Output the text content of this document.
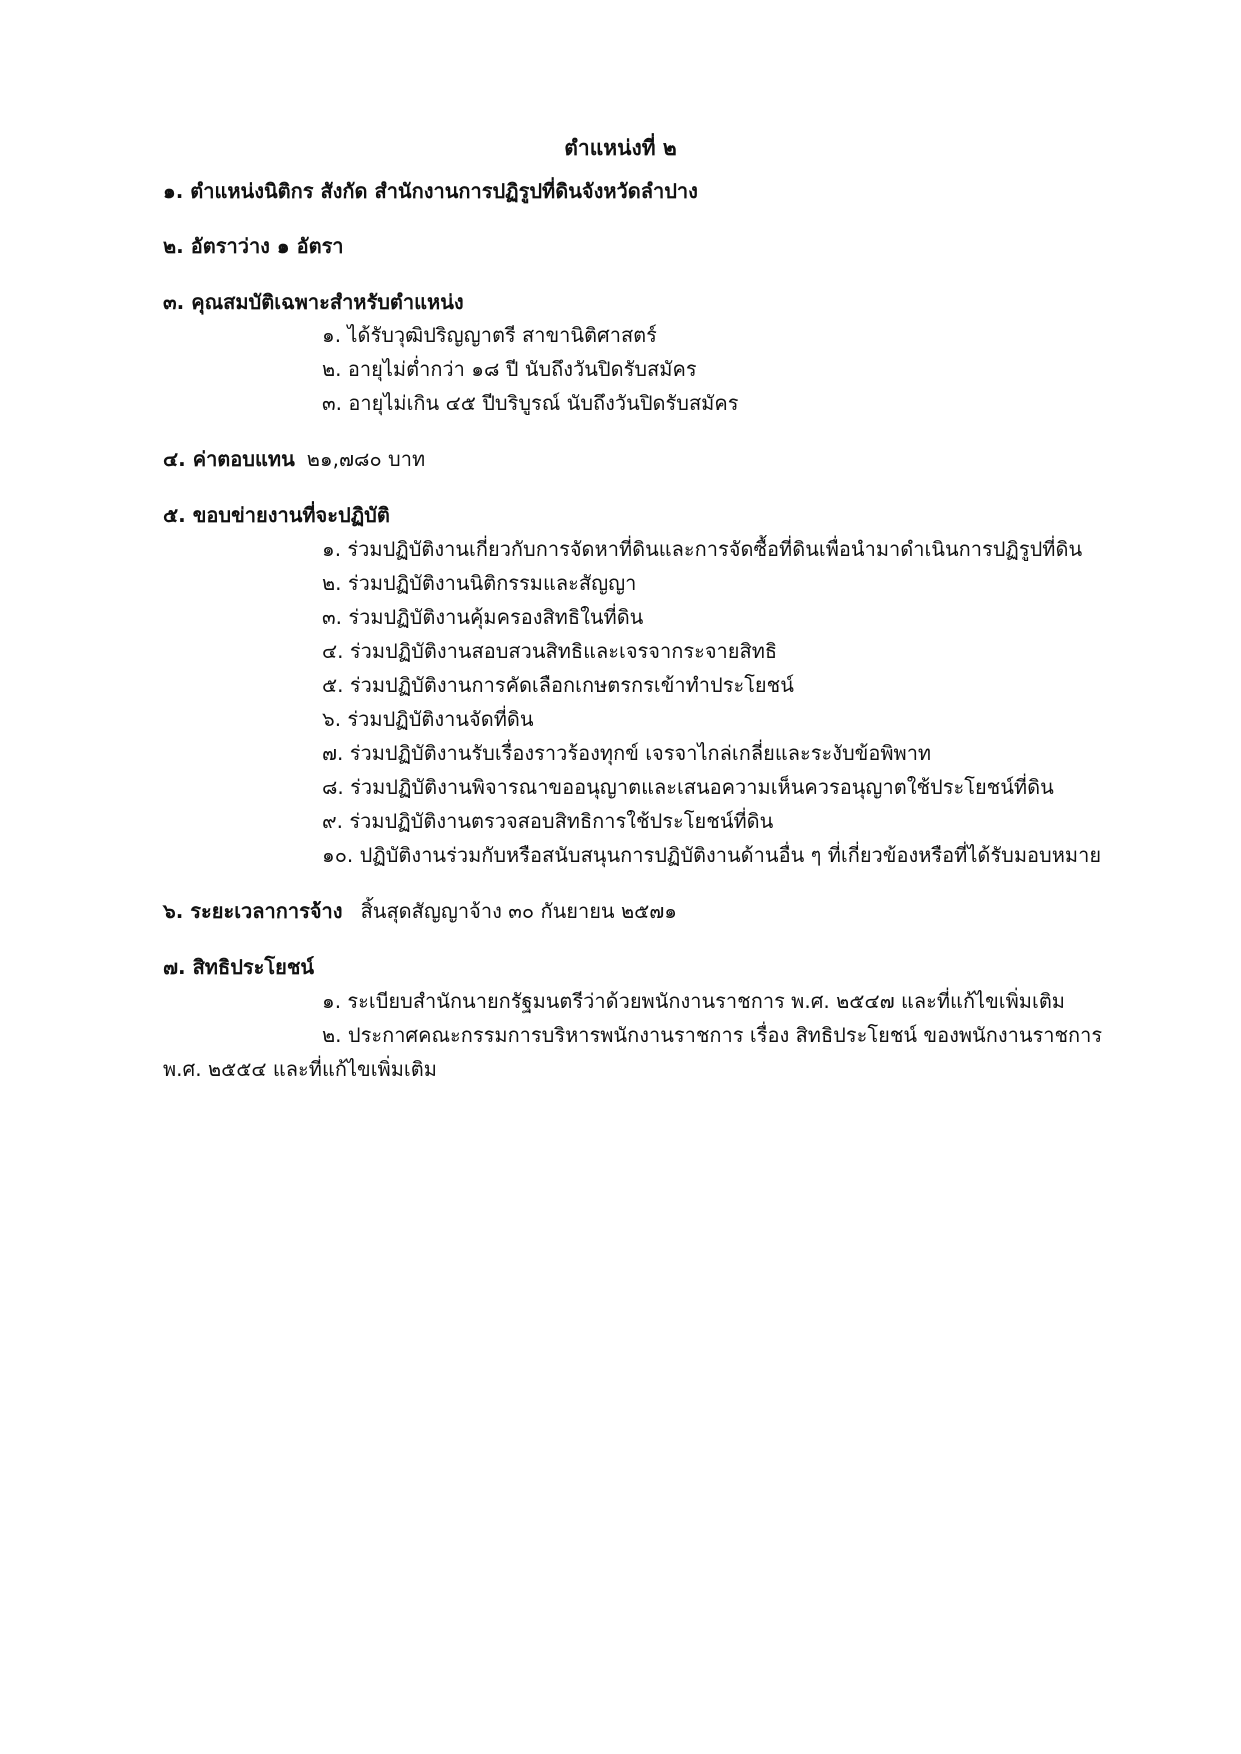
ตำแหน่งที่ ๒
๑. ตำแหน่งนิติกร สังกัด สำนักงานการปฏิรูปที่ดินจังหวัดลำปาง
๒. อัตราว่าง ๑ อัตรา
๓. คุณสมบัติเฉพาะสำหรับตำแหน่ง
๑. ได้รับวุฒิปริญญาตรี สาขานิติศาสตร์
๒. อายุไม่ต่ำกว่า ๑๘ ปี นับถึงวันปิดรับสมัคร
๓. อายุไม่เกิน ๔๕ ปีบริบูรณ์ นับถึงวันปิดรับสมัคร
๔. ค่าตอบแทน ๒๑,๗๘๐ บาท
๕. ขอบข่ายงานที่จะปฏิบัติ
๑. ร่วมปฏิบัติงานเกี่ยวกับการจัดหาที่ดินและการจัดซื้อที่ดินเพื่อนำมาดำเนินการปฏิรูปที่ดิน
๒. ร่วมปฏิบัติงานนิติกรรมและสัญญา
๓. ร่วมปฏิบัติงานคุ้มครองสิทธิในที่ดิน
๔. ร่วมปฏิบัติงานสอบสวนสิทธิและเจรจากระจายสิทธิ
๕. ร่วมปฏิบัติงานการคัดเลือกเกษตรกรเข้าทำประโยชน์
๖. ร่วมปฏิบัติงานจัดที่ดิน
๗. ร่วมปฏิบัติงานรับเรื่องราวร้องทุกข์ เจรจาไกล่เกลี่ยและระงับข้อพิพาท
๘. ร่วมปฏิบัติงานพิจารณาขออนุญาตและเสนอความเห็นควรอนุญาตใช้ประโยชน์ที่ดิน
๙. ร่วมปฏิบัติงานตรวจสอบสิทธิการใช้ประโยชน์ที่ดิน
๑๐. ปฏิบัติงานร่วมกับหรือสนับสนุนการปฏิบัติงานด้านอื่น ๆ ที่เกี่ยวข้องหรือที่ได้รับมอบหมาย
๖. ระยะเวลาการจ้าง สิ้นสุดสัญญาจ้าง ๓๐ กันยายน ๒๕๗๑
๗. สิทธิประโยชน์
๑. ระเบียบสำนักนายกรัฐมนตรีว่าด้วยพนักงานราชการ พ.ศ. ๒๕๔๗ และที่แก้ไขเพิ่มเติม
๒. ประกาศคณะกรรมการบริหารพนักงานราชการ เรื่อง สิทธิประโยชน์ ของพนักงานราชการ
พ.ศ. ๒๕๕๔ และที่แก้ไขเพิ่มเติม
